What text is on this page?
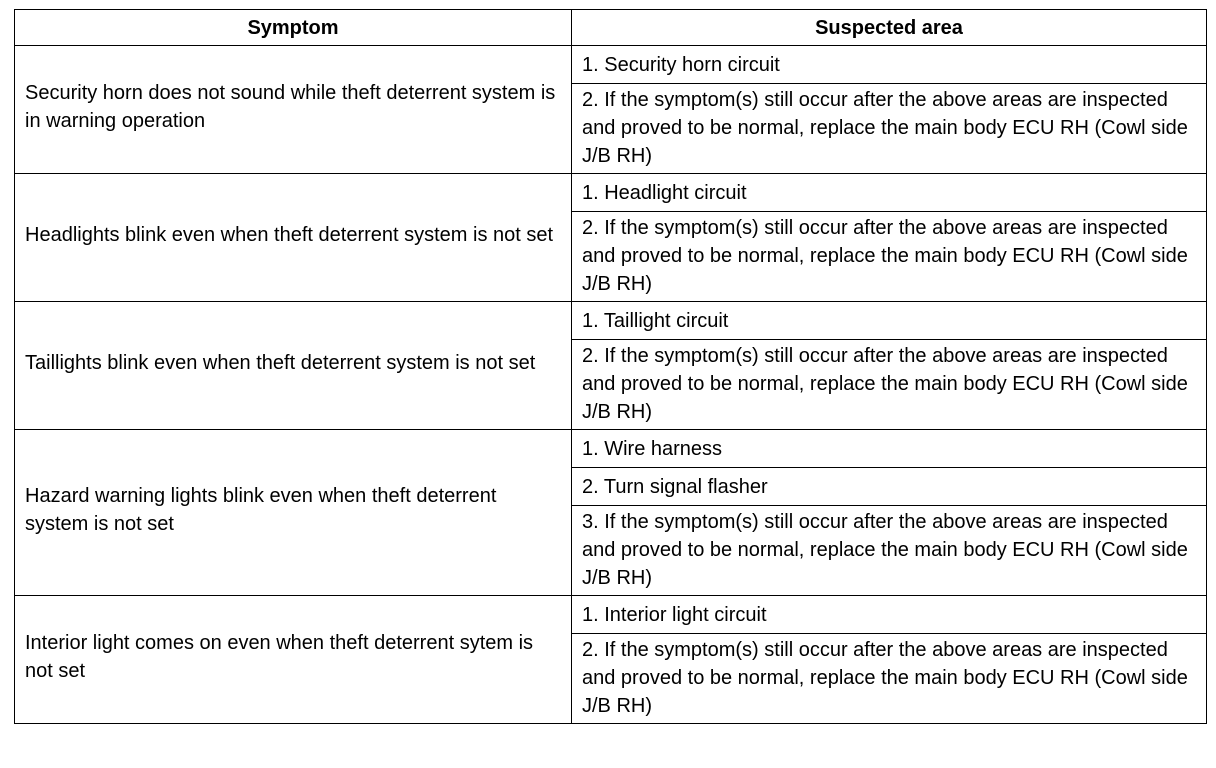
Symptom	Suspected area
Security horn does not sound while theft deterrent system is in warning operation	1. Security horn circuit
	2. If the symptom(s) still occur after the above areas are inspected and proved to be normal, replace the main body ECU RH (Cowl side J/B RH)
Headlights blink even when theft deterrent system is not set	1. Headlight circuit
	2. If the symptom(s) still occur after the above areas are inspected and proved to be normal, replace the main body ECU RH (Cowl side J/B RH)
Taillights blink even when theft deterrent system is not set	1. Taillight circuit
	2. If the symptom(s) still occur after the above areas are inspected and proved to be normal, replace the main body ECU RH (Cowl side J/B RH)
Hazard warning lights blink even when theft deterrent system is not set	1. Wire harness
	2. Turn signal flasher
	3. If the symptom(s) still occur after the above areas are inspected and proved to be normal, replace the main body ECU RH (Cowl side J/B RH)
Interior light comes on even when theft deterrent sytem is not set	1. Interior light circuit
	2. If the symptom(s) still occur after the above areas are inspected and proved to be normal, replace the main body ECU RH (Cowl side J/B RH)
